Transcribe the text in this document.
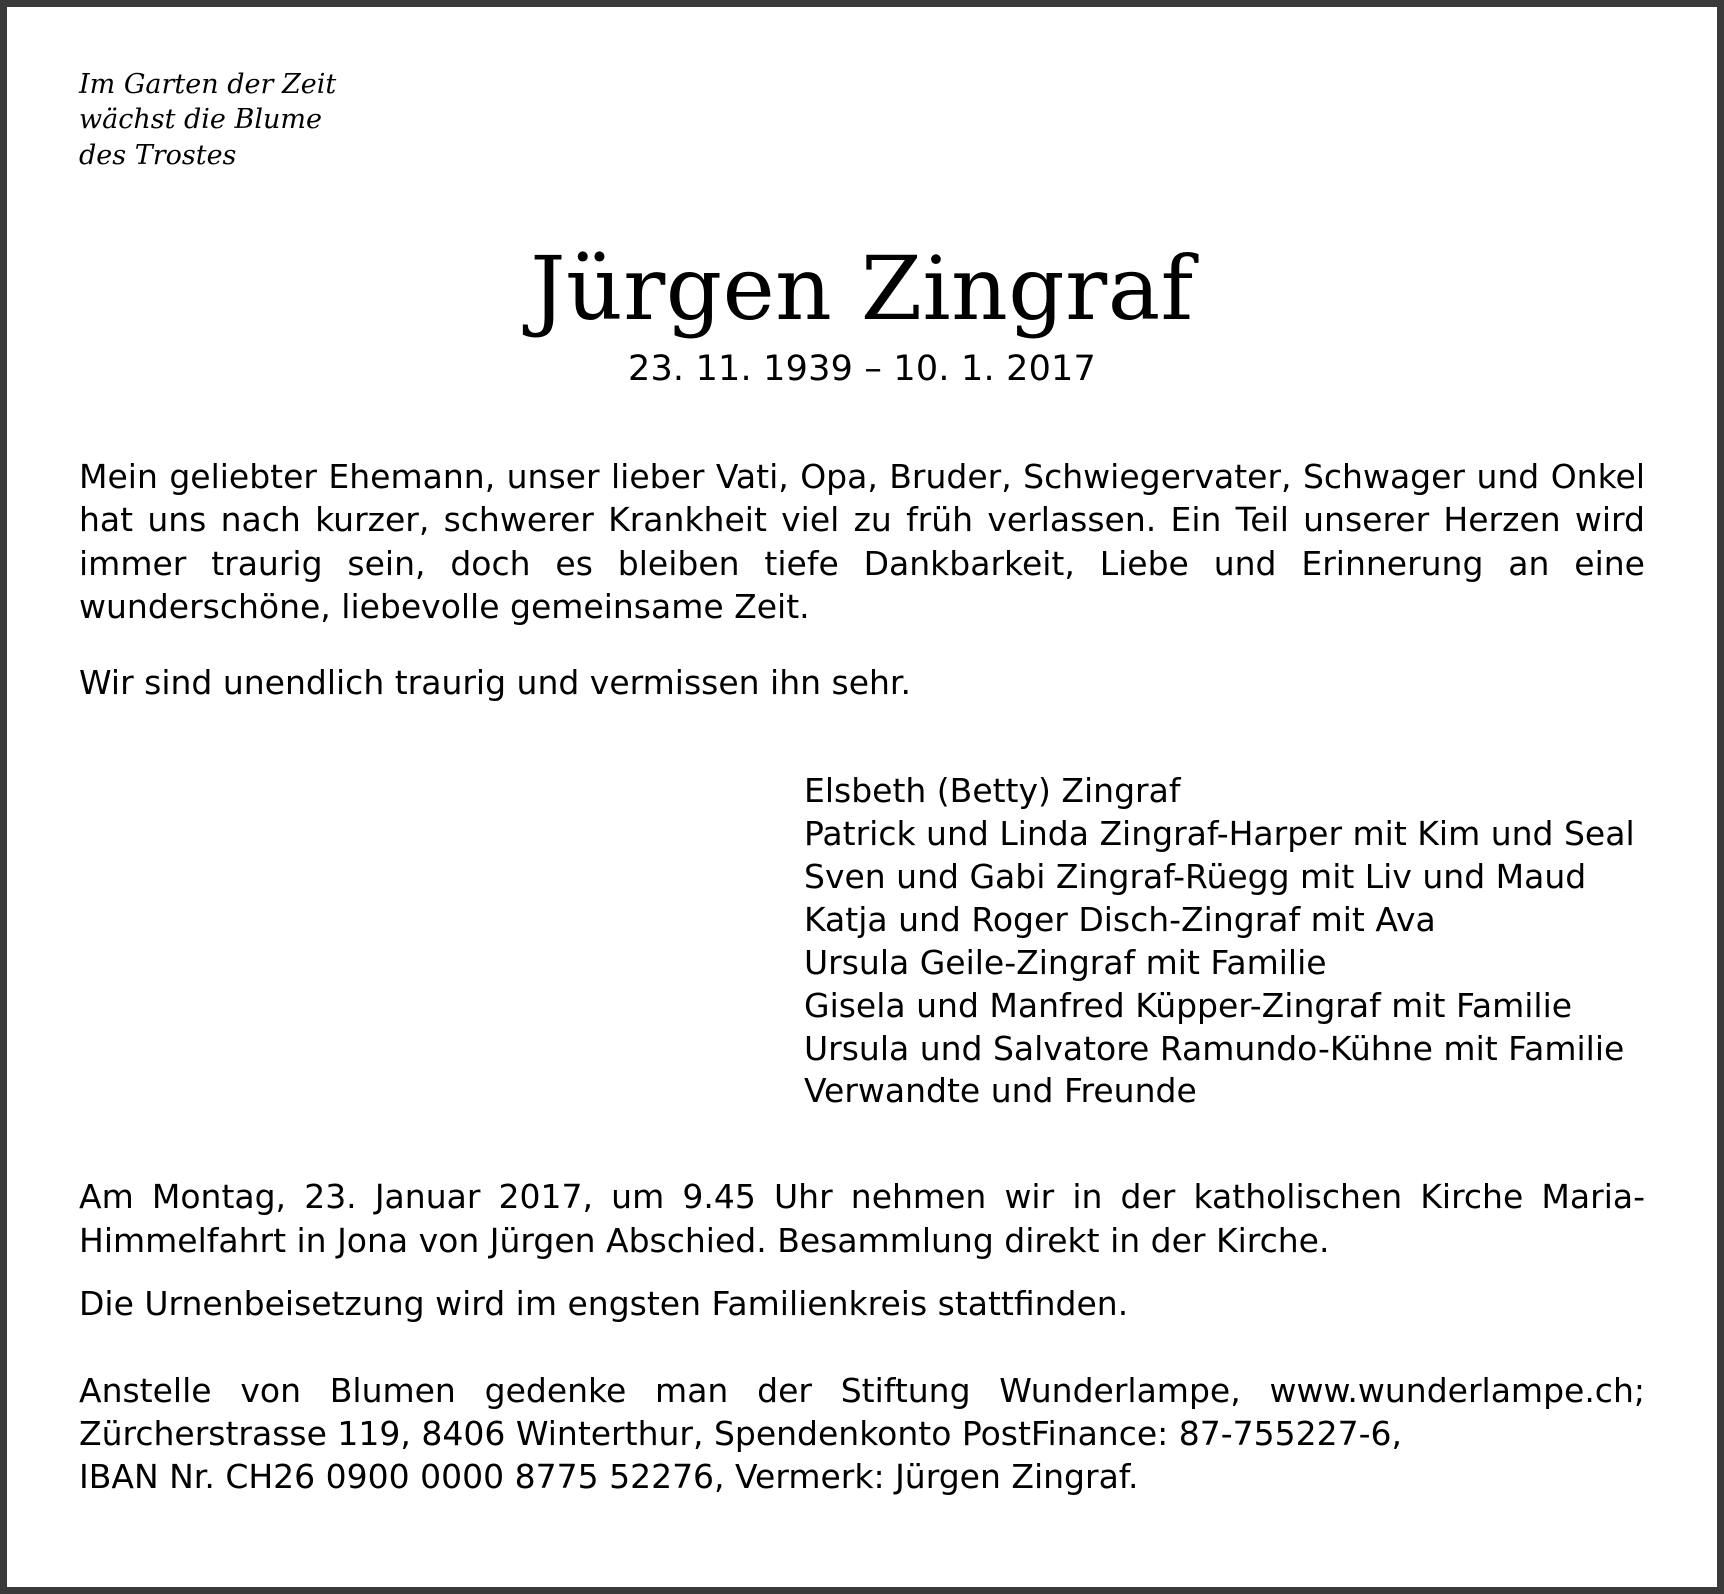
Im Garten der Zeit
wächst die Blume
des Trostes
Jürgen Zingraf
23. 11. 1939 – 10. 1. 2017

Mein geliebter Ehemann, unser lieber Vati, Opa, Bruder, Schwiegervater, Schwager und Onkel hat uns nach kurzer, schwerer Krankheit viel zu früh verlassen. Ein Teil unserer Herzen wird immer traurig sein, doch es bleiben tiefe Dankbarkeit, Liebe und Erinnerung an eine wunderschöne, liebevolle gemeinsame Zeit.

Wir sind unendlich traurig und vermissen ihn sehr.

Elsbeth (Betty) Zingraf
Patrick und Linda Zingraf-Harper mit Kim und Seal
Sven und Gabi Zingraf-Rüegg mit Liv und Maud
Katja und Roger Disch-Zingraf mit Ava
Ursula Geile-Zingraf mit Familie
Gisela und Manfred Küpper-Zingraf mit Familie
Ursula und Salvatore Ramundo-Kühne mit Familie
Verwandte und Freunde

Am Montag, 23. Januar 2017, um 9.45 Uhr nehmen wir in der katholischen Kirche Maria-Himmelfahrt in Jona von Jürgen Abschied. Besammlung direkt in der Kirche.

Die Urnenbeisetzung wird im engsten Familienkreis stattfinden.

Anstelle von Blumen gedenke man der Stiftung Wunderlampe, www.wunderlampe.ch; Zürcherstrasse 119, 8406 Winterthur, Spendenkonto PostFinance: 87-755227-6,

IBAN Nr. CH26 0900 0000 8775 52276, Vermerk: Jürgen Zingraf.
